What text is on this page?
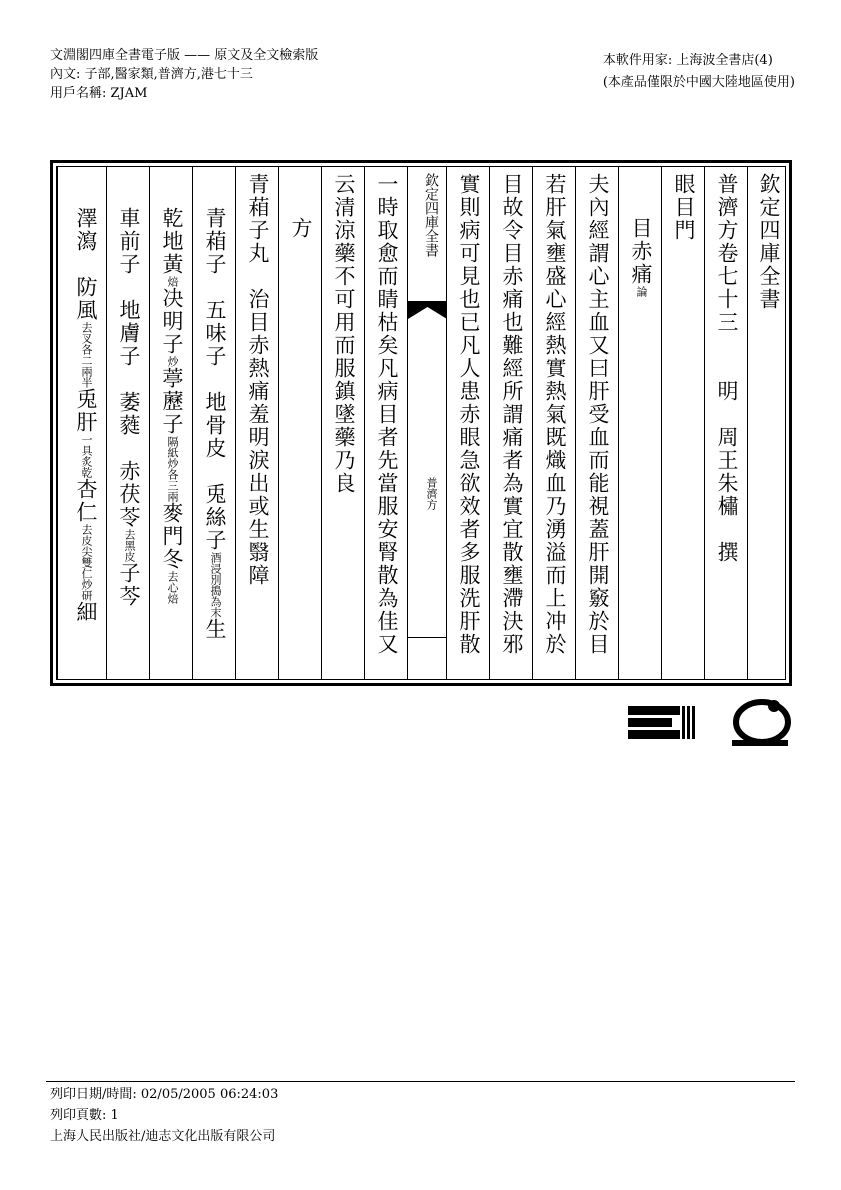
文淵閣四庫全書電子版 —— 原文及全文檢索版
內文: 子部,醫家類,普濟方,港七十三
用戶名稱: ZJAM
本軟件用家: 上海波全書店(4)
(本產品僅限於中國大陸地區使用)
欽定四庫全書
普濟方卷七十三　　明　周王朱橚　撰
眼目門
目赤痛論
夫內經謂心主血又曰肝受血而能視蓋肝開竅於目
若肝氣壅盛心經熱實熱氣既熾血乃湧溢而上冲於
目故令目赤痛也難經所謂痛者為實宜散壅滯決邪
實則病可見也已凡人患赤眼急欲效者多服洗肝散
欽定四庫全書
普濟方
一時取愈而睛枯矣凡病目者先當服安腎散為佳又
云清涼藥不可用而服鎮墜藥乃良
方
青葙子丸　治目赤熱痛羞明淚出或生翳障
青葙子　五味子　地骨皮　兎絲子酒浸別搗為末生
乾地黃焙决明子炒葶藶子隔紙炒各三兩麥門冬去心焙
車前子　地膚子　萎蕤　赤茯苓去黑皮子芩
澤瀉　防風去叉各二兩半兎肝一具炙乾杏仁去皮尖雙仁炒研細
列印日期/時間: 02/05/2005 06:24:03
列印頁數: 1
上海人民出版社/迪志文化出版有限公司
